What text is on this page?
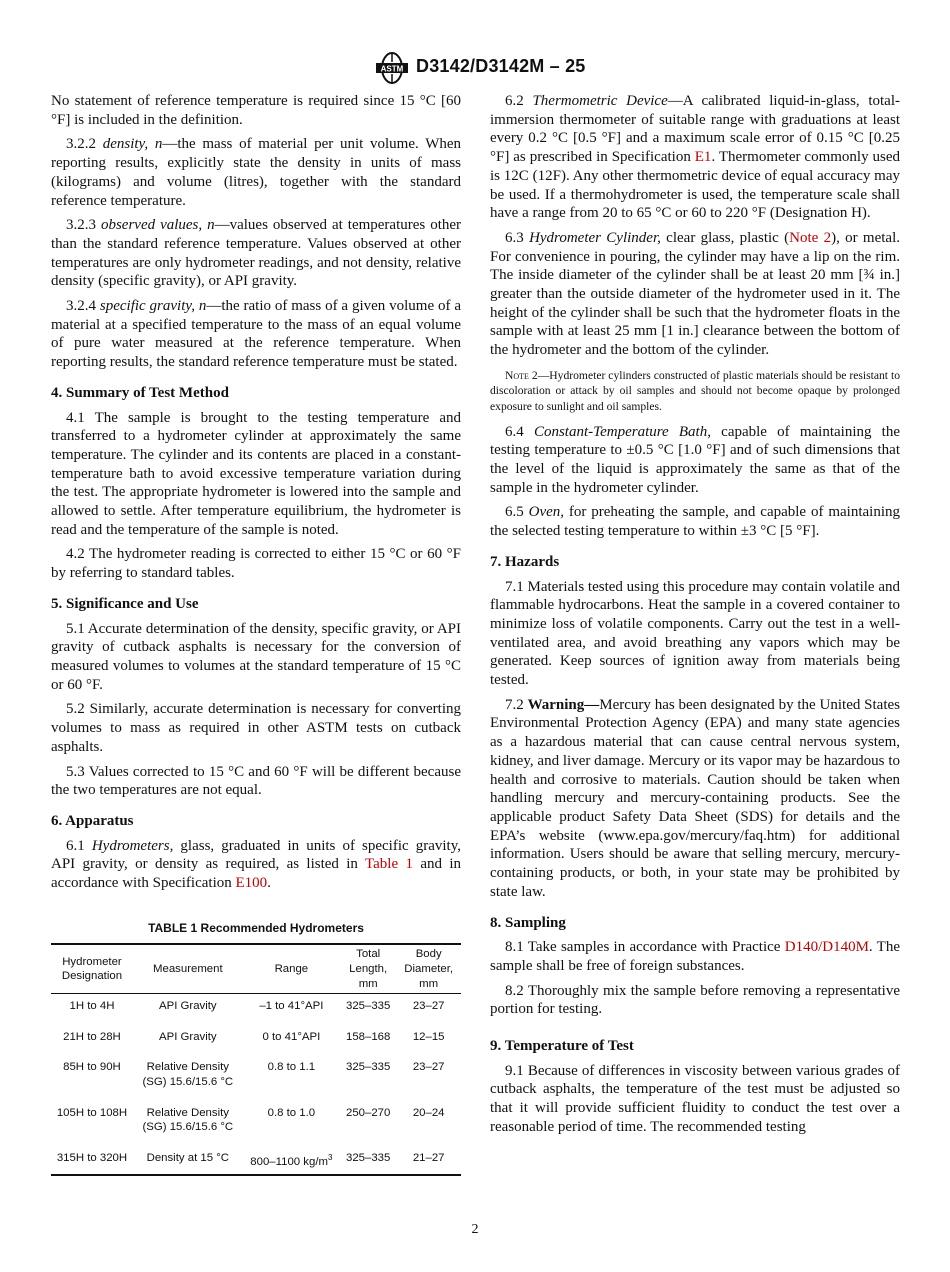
ASTM D3142/D3142M – 25

No statement of reference temperature is required since 15 °C [60 °F] is included in the definition.

3.2.2 density, n—the mass of material per unit volume. When reporting results, explicitly state the density in units of mass (kilograms) and volume (litres), together with the standard reference temperature.

3.2.3 observed values, n—values observed at temperatures other than the standard reference temperature. Values observed at other temperatures are only hydrometer readings, and not density, relative density (specific gravity), or API gravity.

3.2.4 specific gravity, n—the ratio of mass of a given volume of a material at a specified temperature to the mass of an equal volume of pure water measured at the reference temperature. When reporting results, the standard reference temperature must be stated.

4. Summary of Test Method

4.1 The sample is brought to the testing temperature and transferred to a hydrometer cylinder at approximately the same temperature. The cylinder and its contents are placed in a constant-temperature bath to avoid excessive temperature variation during the test. The appropriate hydrometer is lowered into the sample and allowed to settle. After temperature equilibrium, the hydrometer is read and the temperature of the sample is noted.

4.2 The hydrometer reading is corrected to either 15 °C or 60 °F by referring to standard tables.

5. Significance and Use

5.1 Accurate determination of the density, specific gravity, or API gravity of cutback asphalts is necessary for the conversion of measured volumes to volumes at the standard temperature of 15 °C or 60 °F.

5.2 Similarly, accurate determination is necessary for converting volumes to mass as required in other ASTM tests on cutback asphalts.

5.3 Values corrected to 15 °C and 60 °F will be different because the two temperatures are not equal.

6. Apparatus

6.1 Hydrometers, glass, graduated in units of specific gravity, API gravity, or density as required, as listed in Table 1 and in accordance with Specification E100.

TABLE 1 Recommended Hydrometers
Hydrometer Designation	Measurement	Range	Total Length, mm	Body Diameter, mm
1H to 4H	API Gravity	–1 to 41°API	325–335	23–27
21H to 28H	API Gravity	0 to 41°API	158–168	12–15
85H to 90H	Relative Density (SG) 15.6/15.6 °C	0.8 to 1.1	325–335	23–27
105H to 108H	Relative Density (SG) 15.6/15.6 °C	0.8 to 1.0	250–270	20–24
315H to 320H	Density at 15 °C	800–1100 $kg/m^3$	325–335	21–27

6.2 Thermometric Device—A calibrated liquid-in-glass, total-immersion thermometer of suitable range with graduations at least every 0.2 °C [0.5 °F] and a maximum scale error of 0.15 °C [0.25 °F] as prescribed in Specification E1. Thermometer commonly used is 12C (12F). Any other thermometric device of equal accuracy may be used. If a thermohydrometer is used, the temperature scale shall have a range from 20 to 65 °C or 60 to 220 °F (Designation H).

6.3 Hydrometer Cylinder, clear glass, plastic (Note 2), or metal. For convenience in pouring, the cylinder may have a lip on the rim. The inside diameter of the cylinder shall be at least 20 mm [¾ in.] greater than the outside diameter of the hydrometer used in it. The height of the cylinder shall be such that the hydrometer floats in the sample with at least 25 mm [1 in.] clearance between the bottom of the hydrometer and the bottom of the cylinder.

Note 2—Hydrometer cylinders constructed of plastic materials should be resistant to discoloration or attack by oil samples and should not become opaque by prolonged exposure to sunlight and oil samples.

6.4 Constant-Temperature Bath, capable of maintaining the testing temperature to ±0.5 °C [1.0 °F] and of such dimensions that the level of the liquid is approximately the same as that of the sample in the hydrometer cylinder.

6.5 Oven, for preheating the sample, and capable of maintaining the selected testing temperature to within ±3 °C [5 °F].

7. Hazards

7.1 Materials tested using this procedure may contain volatile and flammable hydrocarbons. Heat the sample in a covered container to minimize loss of volatile components. Carry out the test in a well-ventilated area, and avoid breathing any vapors which may be generated. Keep sources of ignition away from materials being tested.

7.2 Warning—Mercury has been designated by the United States Environmental Protection Agency (EPA) and many state agencies as a hazardous material that can cause central nervous system, kidney, and liver damage. Mercury or its vapor may be hazardous to health and corrosive to materials. Caution should be taken when handling mercury and mercury-containing products. See the applicable product Safety Data Sheet (SDS) for details and the EPA’s website (www.epa.gov/mercury/faq.htm) for additional information. Users should be aware that selling mercury, mercury-containing products, or both, in your state may be prohibited by state law.

8. Sampling

8.1 Take samples in accordance with Practice D140/D140M. The sample shall be free of foreign substances.

8.2 Thoroughly mix the sample before removing a representative portion for testing.

9. Temperature of Test

9.1 Because of differences in viscosity between various grades of cutback asphalts, the temperature of the test must be adjusted so that it will provide sufficient fluidity to conduct the test over a reasonable period of time. The recommended testing

2
